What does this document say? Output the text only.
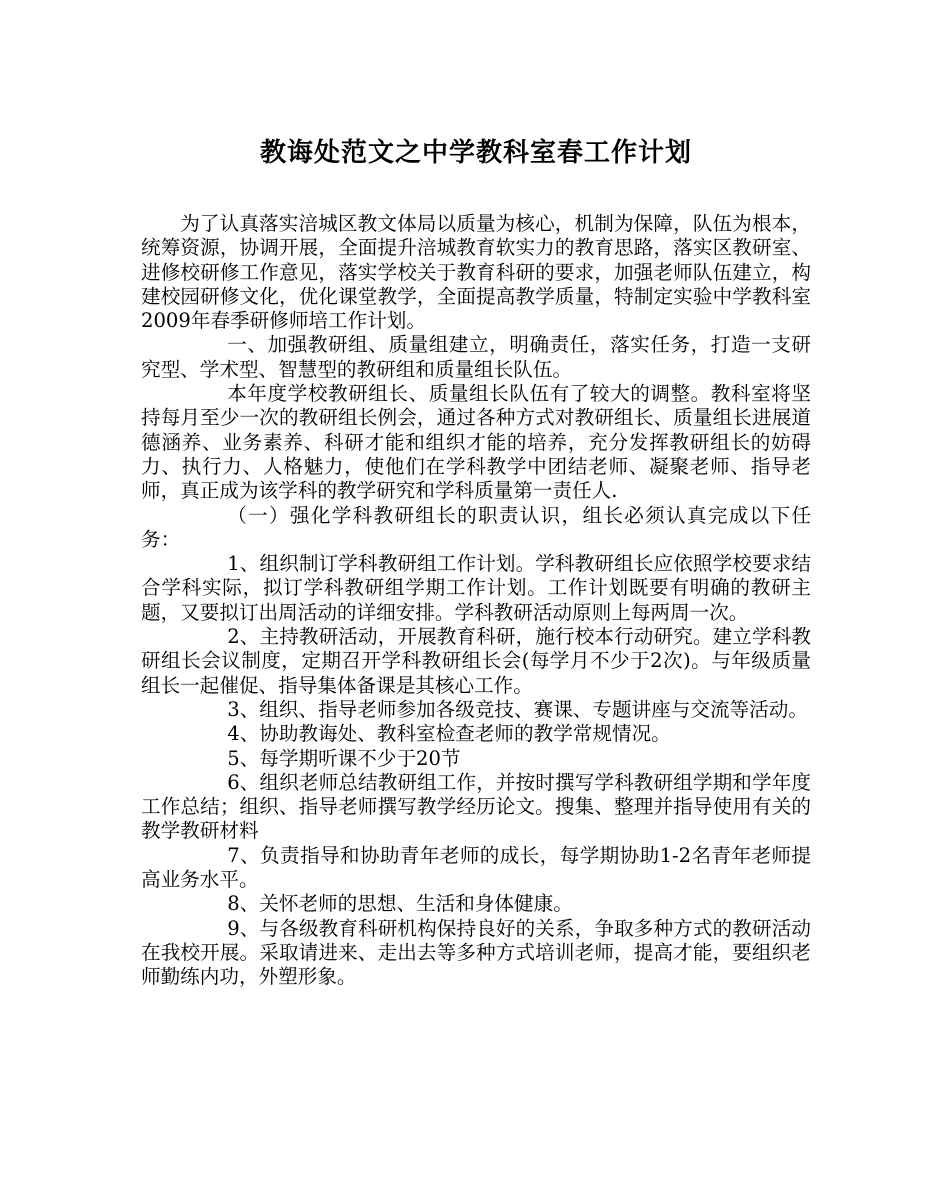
教诲处范文之中学教科室春工作计划

为了认真落实涪城区教文体局以质量为核心，机制为保障，队伍为根本，统筹资源，协调开展，全面提升涪城教育软实力的教育思路，落实区教研室、进修校研修工作意见，落实学校关于教育科研的要求，加强老师队伍建立，构建校园研修文化，优化课堂教学，全面提高教学质量，特制定实验中学教科室2009年春季研修师培工作计划。

一、加强教研组、质量组建立，明确责任，落实任务，打造一支研究型、学术型、智慧型的教研组和质量组长队伍。

本年度学校教研组长、质量组长队伍有了较大的调整。教科室将坚持每月至少一次的教研组长例会，通过各种方式对教研组长、质量组长进展道德涵养、业务素养、科研才能和组织才能的培养，充分发挥教研组长的妨碍力、执行力、人格魅力，使他们在学科教学中团结老师、凝聚老师、指导老师，真正成为该学科的教学研究和学科质量第一责任人.

（一）强化学科教研组长的职责认识，组长必须认真完成以下任务：

1、组织制订学科教研组工作计划。学科教研组长应依照学校要求结合学科实际，拟订学科教研组学期工作计划。工作计划既要有明确的教研主题，又要拟订出周活动的详细安排。学科教研活动原则上每两周一次。

2、主持教研活动，开展教育科研，施行校本行动研究。建立学科教研组长会议制度，定期召开学科教研组长会(每学月不少于2次)。与年级质量组长一起催促、指导集体备课是其核心工作。

3、组织、指导老师参加各级竞技、赛课、专题讲座与交流等活动。

4、协助教诲处、教科室检查老师的教学常规情况。

5、每学期听课不少于20节

6、组织老师总结教研组工作，并按时撰写学科教研组学期和学年度工作总结；组织、指导老师撰写教学经历论文。搜集、整理并指导使用有关的教学教研材料

7、负责指导和协助青年老师的成长，每学期协助1-2名青年老师提高业务水平。

8、关怀老师的思想、生活和身体健康。

9、与各级教育科研机构保持良好的关系，争取多种方式的教研活动在我校开展。采取请进来、走出去等多种方式培训老师，提高才能，要组织老师勤练内功，外塑形象。
